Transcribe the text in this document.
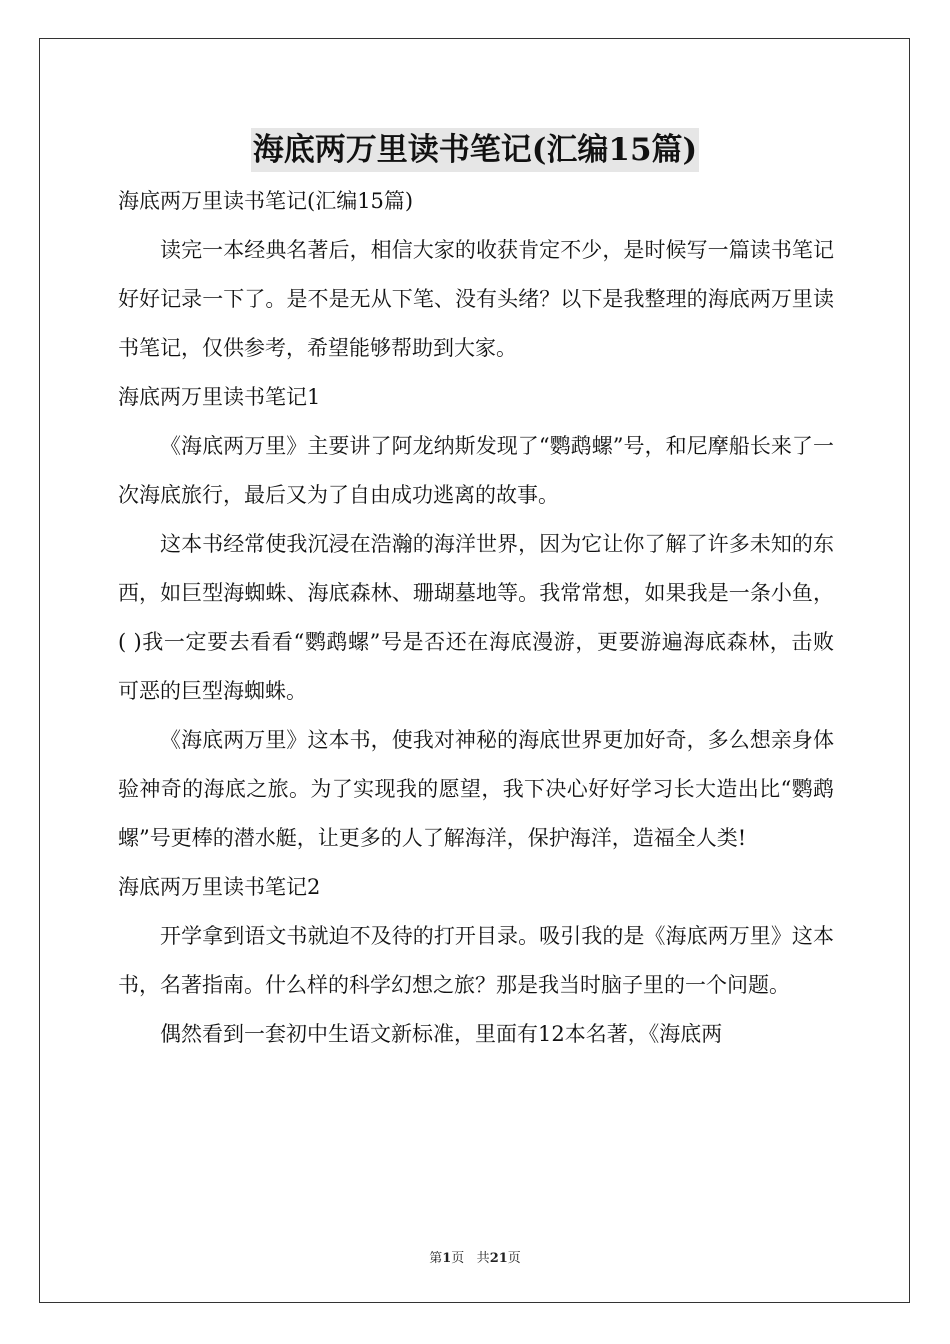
海底两万里读书笔记(汇编15篇)
海底两万里读书笔记(汇编15篇)

读完一本经典名著后，相信大家的收获肯定不少，是时候写一篇读书笔记好好记录一下了。是不是无从下笔、没有头绪？以下是我整理的海底两万里读书笔记，仅供参考，希望能够帮助到大家。

海底两万里读书笔记1

《海底两万里》主要讲了阿龙纳斯发现了“鹦鹉螺”号，和尼摩船长来了一次海底旅行，最后又为了自由成功逃离的故事。

这本书经常使我沉浸在浩瀚的海洋世界，因为它让你了解了许多未知的东西，如巨型海蜘蛛、海底森林、珊瑚墓地等。我常常想，如果我是一条小鱼，( )我一定要去看看“鹦鹉螺”号是否还在海底漫游，更要游遍海底森林，击败可恶的巨型海蜘蛛。

《海底两万里》这本书，使我对神秘的海底世界更加好奇，多么想亲身体验神奇的海底之旅。为了实现我的愿望，我下决心好好学习长大造出比“鹦鹉螺”号更棒的潜水艇，让更多的人了解海洋，保护海洋，造福全人类!

海底两万里读书笔记2

开学拿到语文书就迫不及待的打开目录。吸引我的是《海底两万里》这本书，名著指南。什么样的科学幻想之旅？那是我当时脑子里的一个问题。

偶然看到一套初中生语文新标准，里面有12本名著，《海底两

第1页 共21页
